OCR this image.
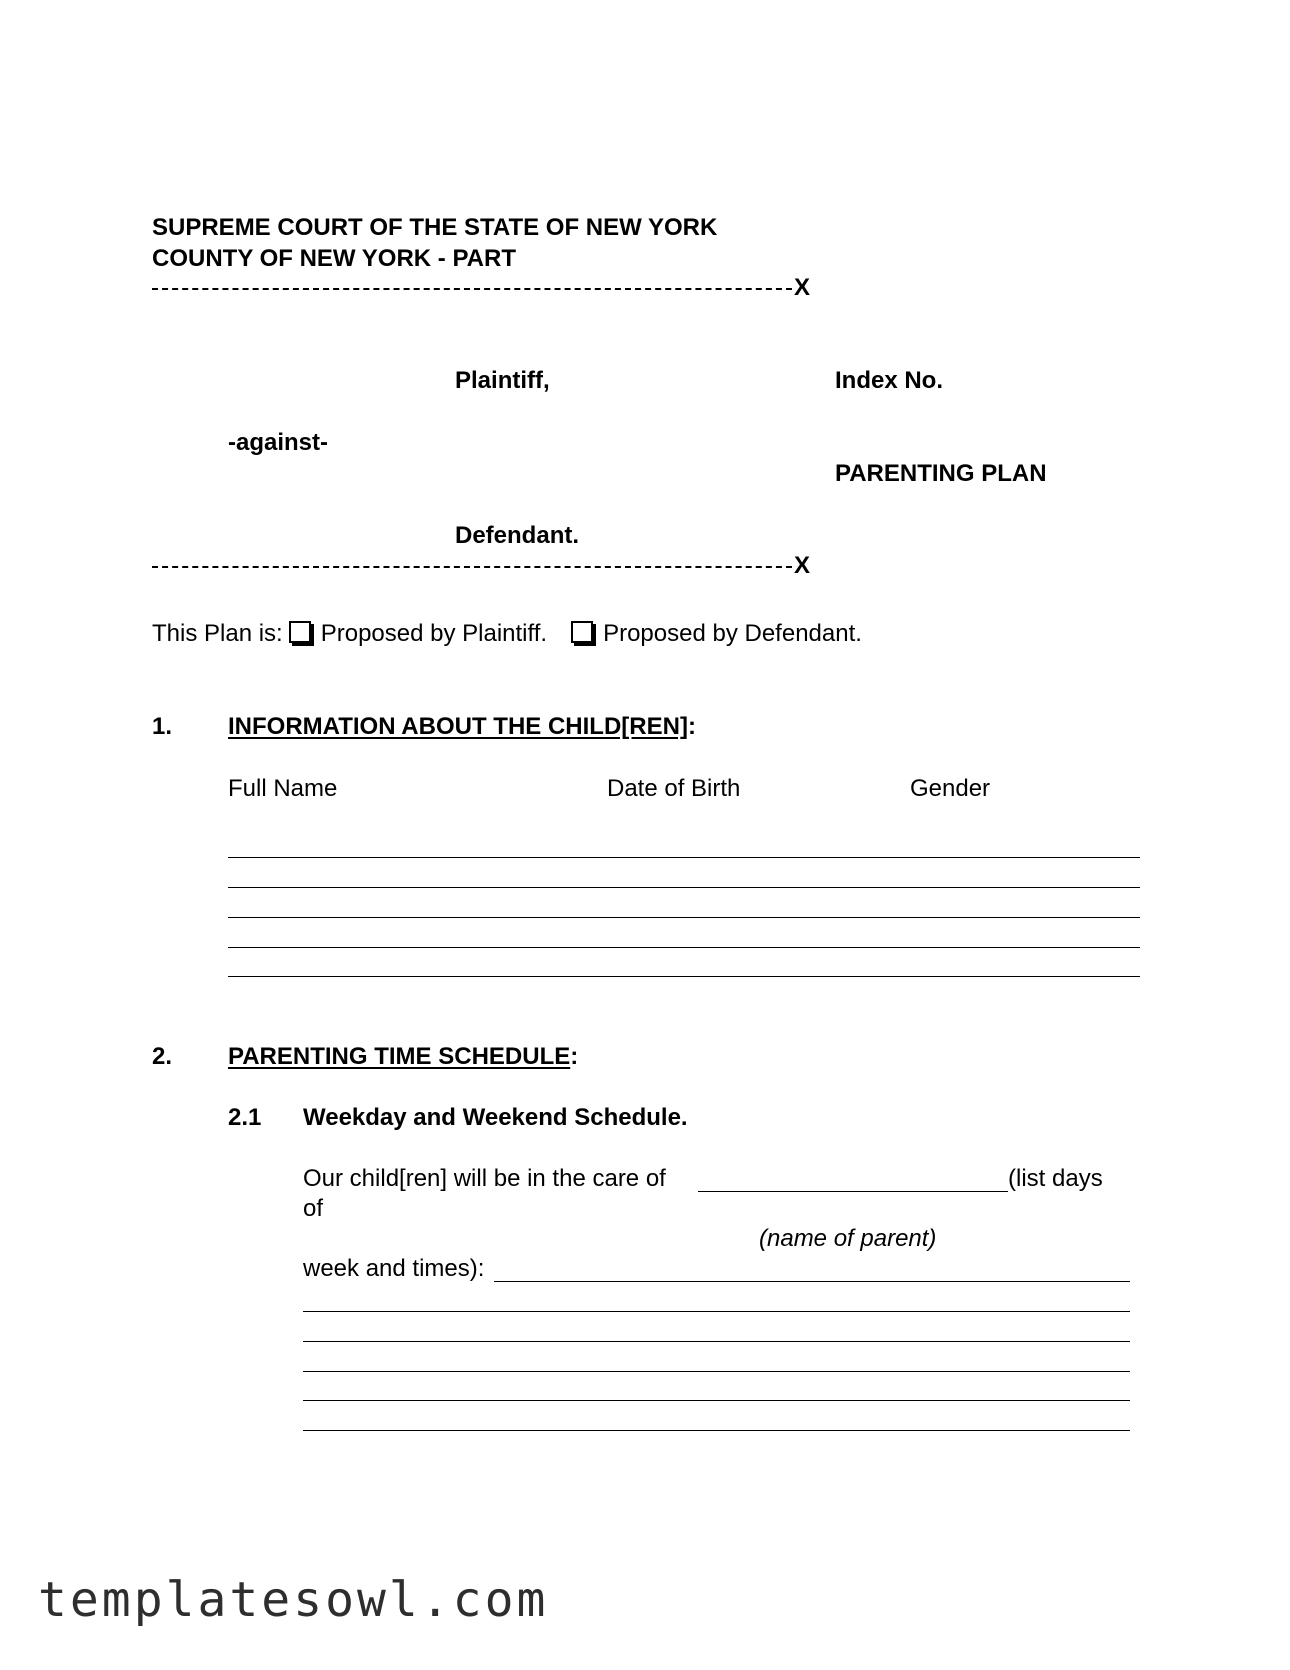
SUPREME COURT OF THE STATE OF NEW YORK
COUNTY OF NEW YORK - PART
X
Plaintiff,	Index No.
-against-
PARENTING PLAN
Defendant.
X
This Plan is: Proposed by Plaintiff. Proposed by Defendant.
1. INFORMATION ABOUT THE CHILD[REN]:
Full Name	Date of Birth	Gender
2. PARENTING TIME SCHEDULE:
2.1 Weekday and Weekend Schedule.
Our child[ren] will be in the care of	(list days
of
(name of parent)
week and times):
templatesowl.com
